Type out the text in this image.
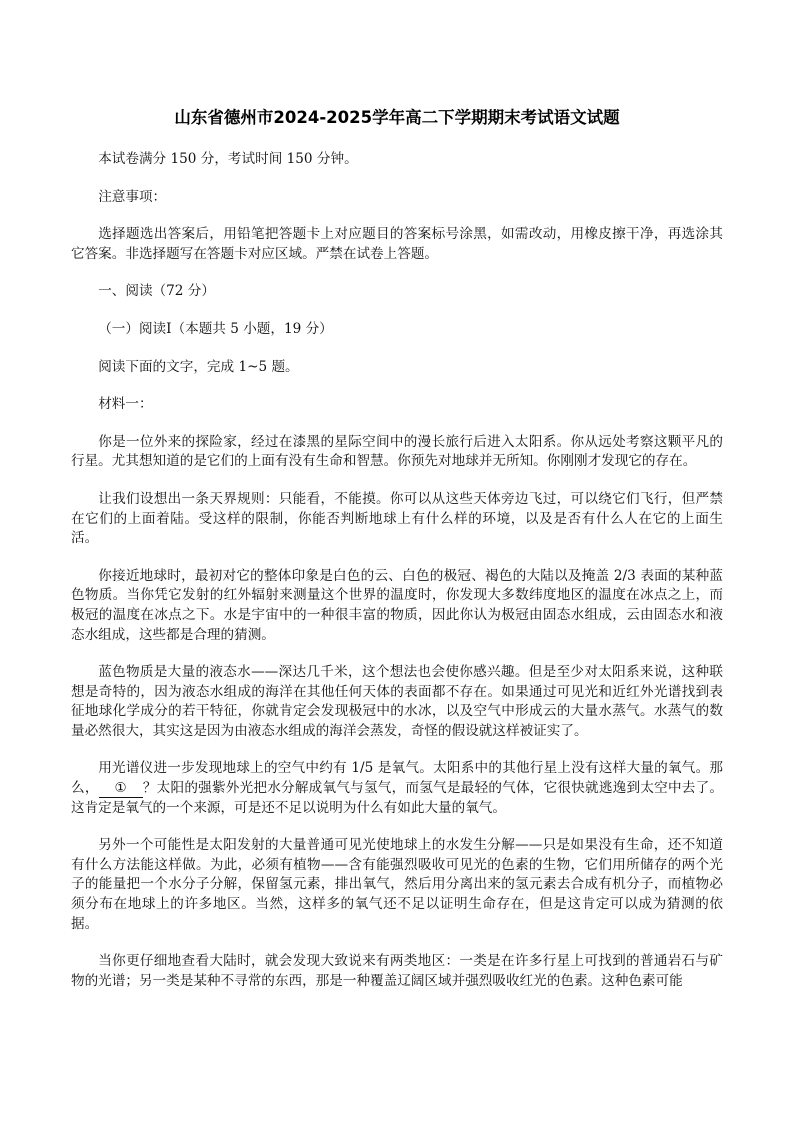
山东省德州市2024-2025学年高二下学期期末考试语文试题

本试卷满分 150 分，考试时间 150 分钟。

注意事项：

选择题选出答案后，用铅笔把答题卡上对应题目的答案标号涂黑，如需改动，用橡皮擦干净，再选涂其它答案。非选择题写在答题卡对应区域。严禁在试卷上答题。

一、阅读（72 分）

（一）阅读Ⅰ（本题共 5 小题，19 分）

阅读下面的文字，完成 1~5 题。

材料一：

你是一位外来的探险家，经过在漆黑的星际空间中的漫长旅行后进入太阳系。你从远处考察这颗平凡的行星。尤其想知道的是它们的上面有没有生命和智慧。你预先对地球并无所知。你刚刚才发现它的存在。

让我们设想出一条天界规则：只能看，不能摸。你可以从这些天体旁边飞过，可以绕它们飞行，但严禁在它们的上面着陆。受这样的限制，你能否判断地球上有什么样的环境，以及是否有什么人在它的上面生活。

你接近地球时，最初对它的整体印象是白色的云、白色的极冠、褐色的大陆以及掩盖 2/3 表面的某种蓝色物质。当你凭它发射的红外辐射来测量这个世界的温度时，你发现大多数纬度地区的温度在冰点之上，而极冠的温度在冰点之下。水是宇宙中的一种很丰富的物质，因此你认为极冠由固态水组成，云由固态水和液态水组成，这些都是合理的猜测。

蓝色物质是大量的液态水——深达几千米，这个想法也会使你感兴趣。但是至少对太阳系来说，这种联想是奇特的，因为液态水组成的海洋在其他任何天体的表面都不存在。如果通过可见光和近红外光谱找到表征地球化学成分的若干特征，你就肯定会发现极冠中的水冰，以及空气中形成云的大量水蒸气。水蒸气的数量必然很大，其实这是因为由液态水组成的海洋会蒸发，奇怪的假设就这样被证实了。

用光谱仪进一步发现地球上的空气中约有 1/5 是氧气。太阳系中的其他行星上没有这样大量的氧气。那么， ① ？太阳的强紫外光把水分解成氧气与氢气，而氢气是最轻的气体，它很快就逃逸到太空中去了。这肯定是氧气的一个来源，可是还不足以说明为什么有如此大量的氧气。

另外一个可能性是太阳发射的大量普通可见光使地球上的水发生分解——只是如果没有生命，还不知道有什么方法能这样做。为此，必须有植物——含有能强烈吸收可见光的色素的生物，它们用所储存的两个光子的能量把一个水分子分解，保留氢元素，排出氧气，然后用分离出来的氢元素去合成有机分子，而植物必须分布在地球上的许多地区。当然，这样多的氧气还不足以证明生命存在，但是这肯定可以成为猜测的依据。

当你更仔细地查看大陆时，就会发现大致说来有两类地区：一类是在许多行星上可找到的普通岩石与矿物的光谱；另一类是某种不寻常的东西，那是一种覆盖辽阔区域并强烈吸收红光的色素。这种色素可能
